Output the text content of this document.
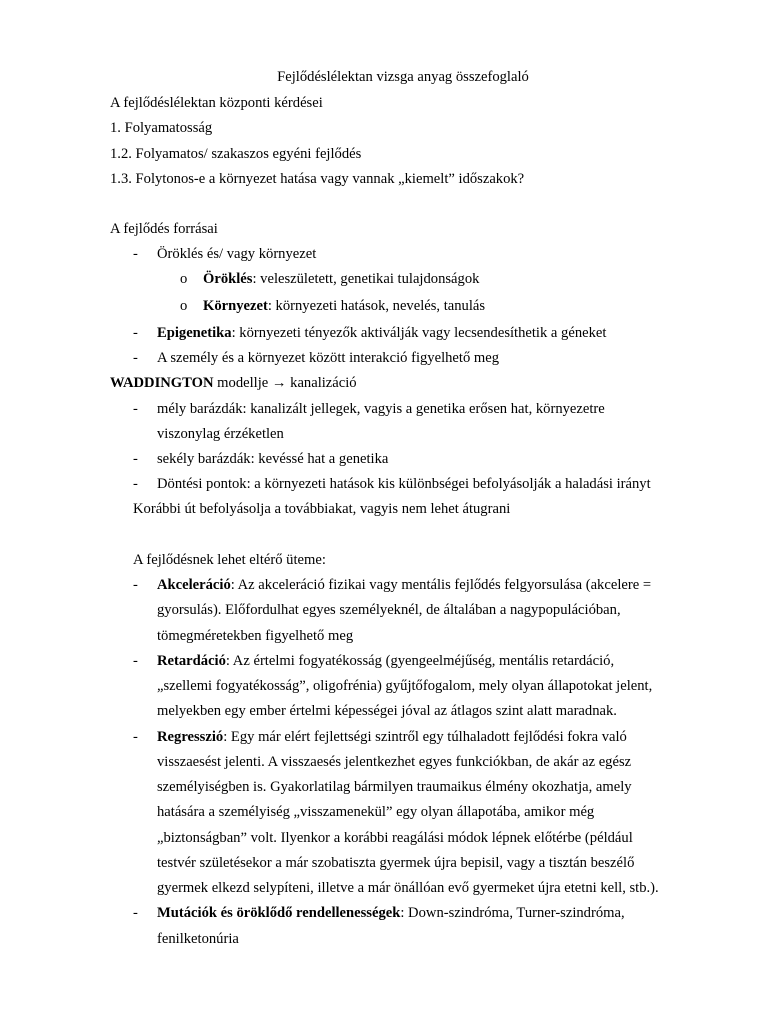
Fejlődéslélektan vizsga anyag összefoglaló
A fejlődéslélektan központi kérdései
1. Folyamatosság
1.2. Folyamatos/ szakaszos egyéni fejlődés
1.3. Folytonos-e a környezet hatása vagy vannak „kiemelt” időszakok?
A fejlődés forrásai
- Öröklés és/ vagy környezet
o Öröklés: veleszületett, genetikai tulajdonságok
o Környezet: környezeti hatások, nevelés, tanulás
- Epigenetika: környezeti tényezők aktiválják vagy lecsendesíthetik a géneket
- A személy és a környezet között interakció figyelhető meg
WADDINGTON modellje → kanalizáció
- mély barázdák: kanalizált jellegek, vagyis a genetika erősen hat, környezetre
viszonylag érzéketlen
- sekély barázdák: kevéssé hat a genetika
- Döntési pontok: a környezeti hatások kis különbségei befolyásolják a haladási irányt
Korábbi út befolyásolja a továbbiakat, vagyis nem lehet átugrani
A fejlődésnek lehet eltérő üteme:
- Akceleráció: Az akceleráció fizikai vagy mentális fejlődés felgyorsulása (akcelere =
gyorsulás). Előfordulhat egyes személyeknél, de általában a nagypopulációban,
tömegméretekben figyelhető meg
- Retardáció: Az értelmi fogyatékosság (gyengeelméjűség, mentális retardáció,
„szellemi fogyatékosság”, oligofrénia) gyűjtőfogalom, mely olyan állapotokat jelent,
melyekben egy ember értelmi képességei jóval az átlagos szint alatt maradnak.
- Regresszió: Egy már elért fejlettségi szintről egy túlhaladott fejlődési fokra való
visszaesést jelenti. A visszaesés jelentkezhet egyes funkciókban, de akár az egész
személyiségben is. Gyakorlatilag bármilyen traumaikus élmény okozhatja, amely
hatására a személyiség „visszamenekül” egy olyan állapotába, amikor még
„biztonságban” volt. Ilyenkor a korábbi reagálási módok lépnek előtérbe (például
testvér születésekor a már szobatiszta gyermek újra bepisil, vagy a tisztán beszélő
gyermek elkezd selypíteni, illetve a már önállóan evő gyermeket újra etetni kell, stb.).
- Mutációk és öröklődő rendellenességek: Down-szindróma, Turner-szindróma,
fenilketonúria
